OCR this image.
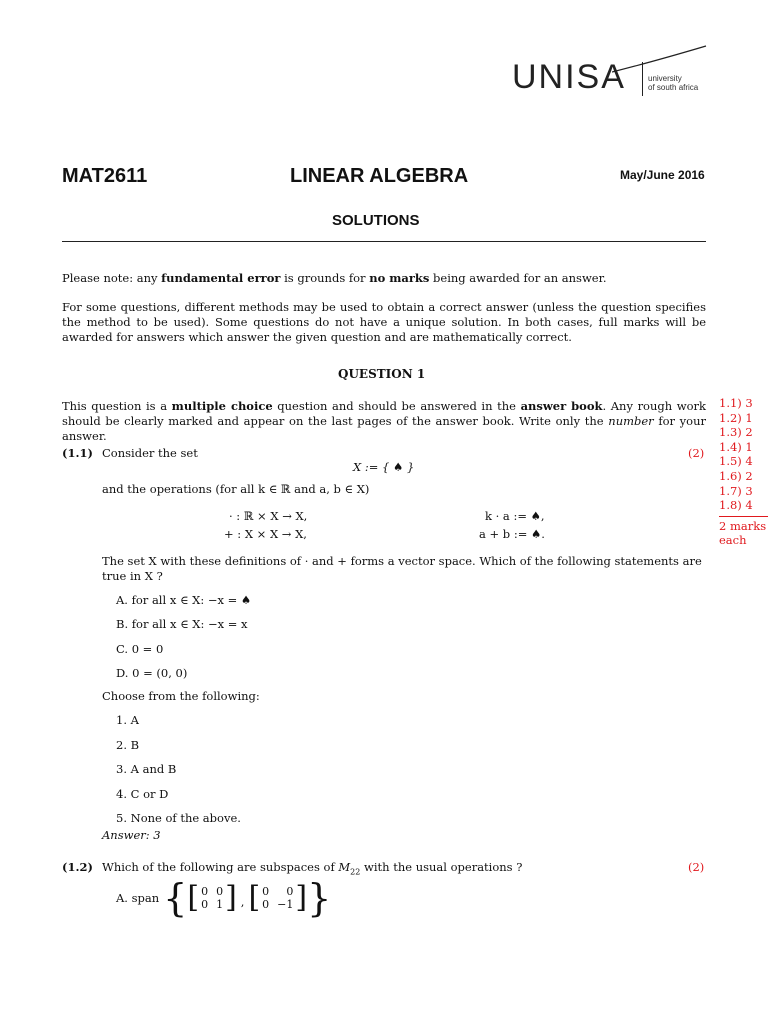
UNISA	university
of south africa
MAT2611	LINEAR ALGEBRA	May/June 2016
SOLUTIONS
Please note: any fundamental error is grounds for no marks being awarded for an answer.
For some questions, different methods may be used to obtain a correct answer (unless the question specifies the method to be used). Some questions do not have a unique solution. In both cases, full marks will be awarded for answers which answer the given question and are mathematically correct.
QUESTION 1
This question is a multiple choice question and should be answered in the answer book. Any rough work should be clearly marked and appear on the last pages of the answer book. Write only the number for your answer.
1.1) 3
1.2) 1
1.3) 2
1.4) 1
1.5) 4
1.6) 2
1.7) 3
1.8) 4
2 marks
each
(1.1) Consider the set	(2)
X := { ♠ }
and the operations (for all k ∈ ℝ and a, b ∈ X)
· : ℝ × X → X,	k · a := ♠,
+ : X × X → X,	a + b := ♠.
The set X with these definitions of · and + forms a vector space. Which of the following statements are true in X ?
A. for all x ∈ X: −x = ♠
B. for all x ∈ X: −x = x
C. 0 = 0
D. 0 = (0, 0)
Choose from the following:
1. A
2. B
3. A and B
4. C or D
5. None of the above.
Answer: 3
(1.2) Which of the following are subspaces of $M_{22}$ with the usual operations ?	(2)
A. span { [ 0 0
0 1 ] , [ 0	0
0 −1 ] }
